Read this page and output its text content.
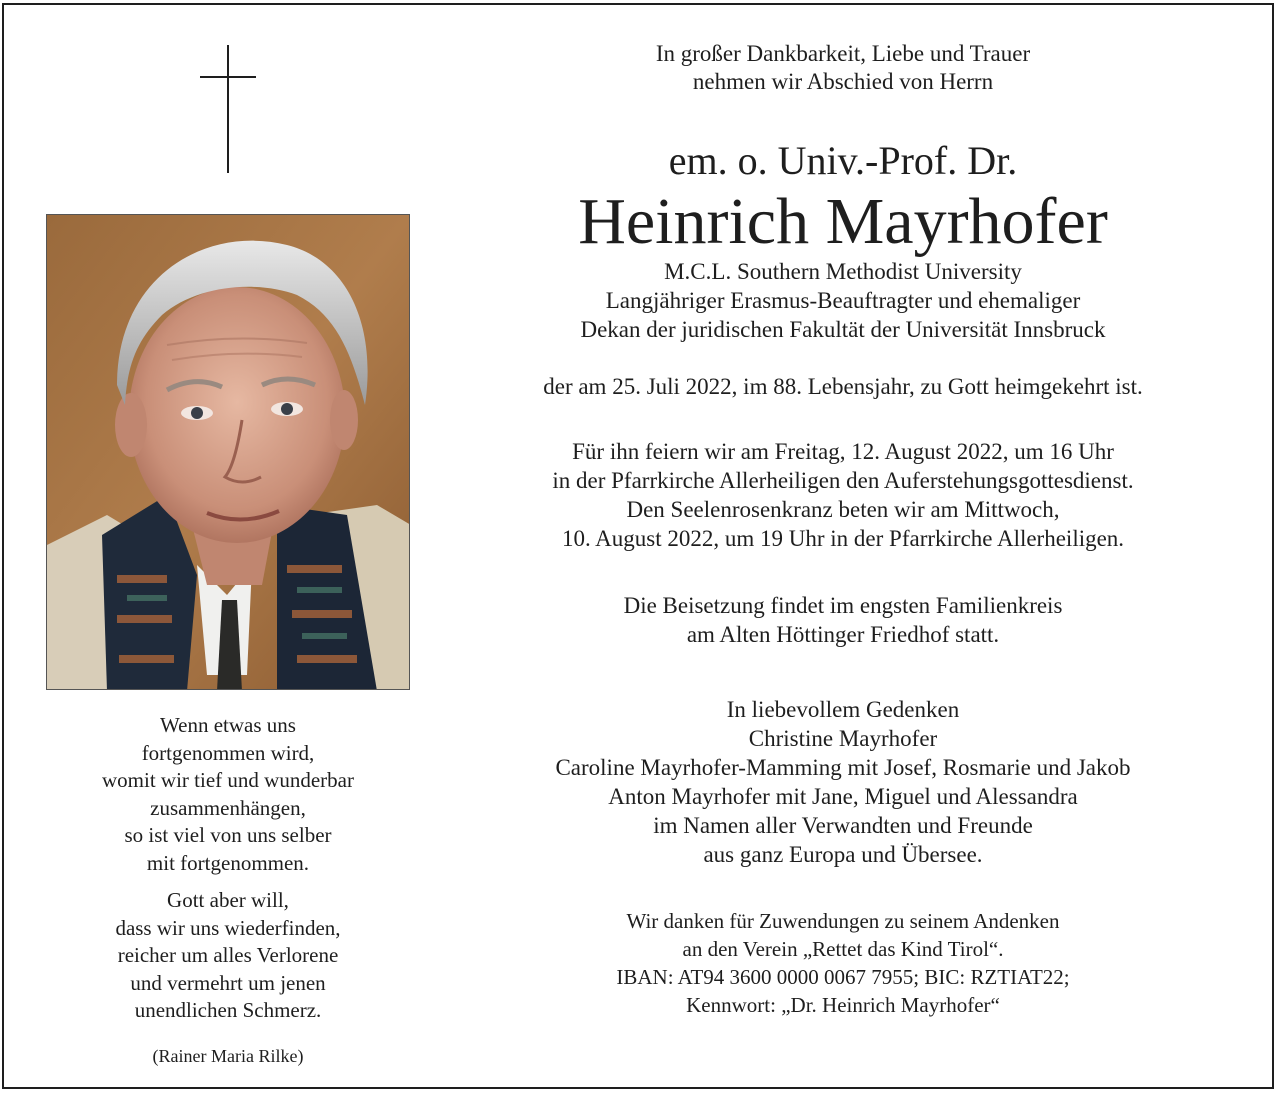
Wenn etwas uns
fortgenommen wird,
womit wir tief und wunderbar
zusammenhängen,
so ist viel von uns selber
mit fortgenommen.
Gott aber will,
dass wir uns wiederfinden,
reicher um alles Verlorene
und vermehrt um jenen
unendlichen Schmerz.
(Rainer Maria Rilke)
In großer Dankbarkeit, Liebe und Trauer
nehmen wir Abschied von Herrn
em. o. Univ.-Prof. Dr.
Heinrich Mayrhofer
M.C.L. Southern Methodist University
Langjähriger Erasmus-Beauftragter und ehemaliger
Dekan der juridischen Fakultät der Universität Innsbruck
der am 25. Juli 2022, im 88. Lebensjahr, zu Gott heimgekehrt ist.
Für ihn feiern wir am Freitag, 12. August 2022, um 16 Uhr
in der Pfarrkirche Allerheiligen den Auferstehungsgottesdienst.
Den Seelenrosenkranz beten wir am Mittwoch,
10. August 2022, um 19 Uhr in der Pfarrkirche Allerheiligen.
Die Beisetzung findet im engsten Familienkreis
am Alten Höttinger Friedhof statt.
In liebevollem Gedenken
Christine Mayrhofer
Caroline Mayrhofer-Mamming mit Josef, Rosmarie und Jakob
Anton Mayrhofer mit Jane, Miguel und Alessandra
im Namen aller Verwandten und Freunde
aus ganz Europa und Übersee.
Wir danken für Zuwendungen zu seinem Andenken
an den Verein „Rettet das Kind Tirol“.
IBAN: AT94 3600 0000 0067 7955; BIC: RZTIAT22;
Kennwort: „Dr. Heinrich Mayrhofer“
